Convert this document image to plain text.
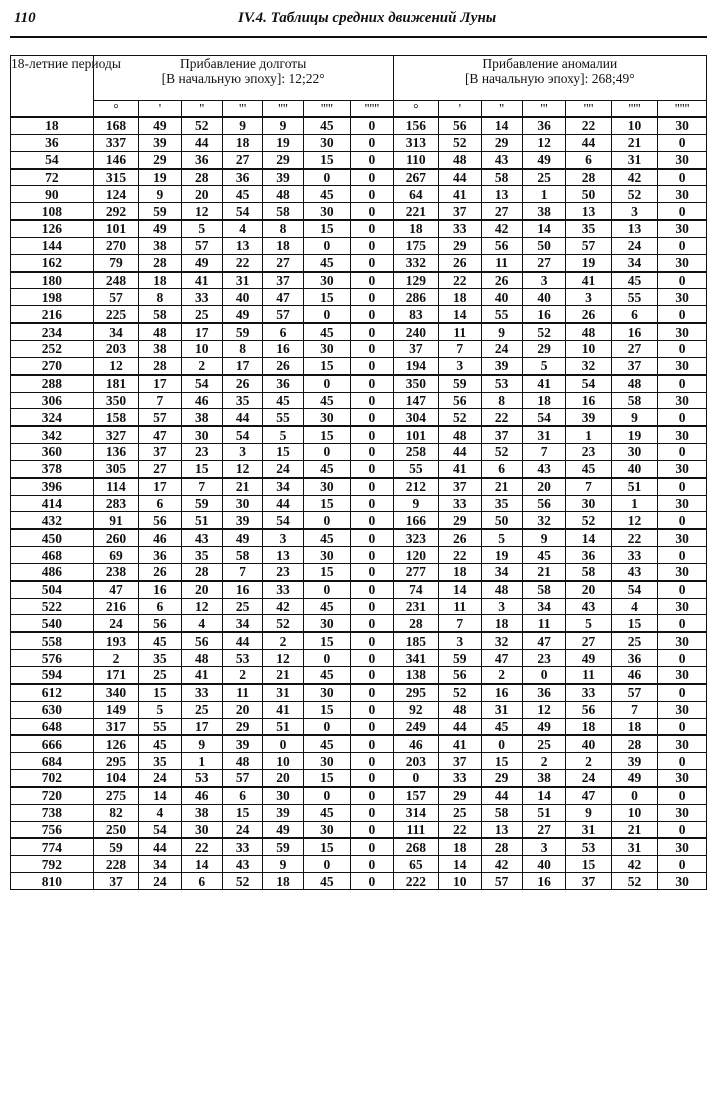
110	IV.4. Таблицы средних движений Луны
18-летние периоды	Прибавление долготы
[В начальную эпоху]: 12;22°							Прибавление аномалии
[В начальную эпоху]: 268;49°						

	°	'	''	'''	''''	'''''	''''''	°	'	''	'''	''''	'''''	''''''
18	168	49	52	9	9	45	0	156	56	14	36	22	10	30
36	337	39	44	18	19	30	0	313	52	29	12	44	21	0
54	146	29	36	27	29	15	0	110	48	43	49	6	31	30
72	315	19	28	36	39	0	0	267	44	58	25	28	42	0
90	124	9	20	45	48	45	0	64	41	13	1	50	52	30
108	292	59	12	54	58	30	0	221	37	27	38	13	3	0
126	101	49	5	4	8	15	0	18	33	42	14	35	13	30
144	270	38	57	13	18	0	0	175	29	56	50	57	24	0
162	79	28	49	22	27	45	0	332	26	11	27	19	34	30
180	248	18	41	31	37	30	0	129	22	26	3	41	45	0
198	57	8	33	40	47	15	0	286	18	40	40	3	55	30
216	225	58	25	49	57	0	0	83	14	55	16	26	6	0
234	34	48	17	59	6	45	0	240	11	9	52	48	16	30
252	203	38	10	8	16	30	0	37	7	24	29	10	27	0
270	12	28	2	17	26	15	0	194	3	39	5	32	37	30
288	181	17	54	26	36	0	0	350	59	53	41	54	48	0
306	350	7	46	35	45	45	0	147	56	8	18	16	58	30
324	158	57	38	44	55	30	0	304	52	22	54	39	9	0
342	327	47	30	54	5	15	0	101	48	37	31	1	19	30
360	136	37	23	3	15	0	0	258	44	52	7	23	30	0
378	305	27	15	12	24	45	0	55	41	6	43	45	40	30
396	114	17	7	21	34	30	0	212	37	21	20	7	51	0
414	283	6	59	30	44	15	0	9	33	35	56	30	1	30
432	91	56	51	39	54	0	0	166	29	50	32	52	12	0
450	260	46	43	49	3	45	0	323	26	5	9	14	22	30
468	69	36	35	58	13	30	0	120	22	19	45	36	33	0
486	238	26	28	7	23	15	0	277	18	34	21	58	43	30
504	47	16	20	16	33	0	0	74	14	48	58	20	54	0
522	216	6	12	25	42	45	0	231	11	3	34	43	4	30
540	24	56	4	34	52	30	0	28	7	18	11	5	15	0
558	193	45	56	44	2	15	0	185	3	32	47	27	25	30
576	2	35	48	53	12	0	0	341	59	47	23	49	36	0
594	171	25	41	2	21	45	0	138	56	2	0	11	46	30
612	340	15	33	11	31	30	0	295	52	16	36	33	57	0
630	149	5	25	20	41	15	0	92	48	31	12	56	7	30
648	317	55	17	29	51	0	0	249	44	45	49	18	18	0
666	126	45	9	39	0	45	0	46	41	0	25	40	28	30
684	295	35	1	48	10	30	0	203	37	15	2	2	39	0
702	104	24	53	57	20	15	0	0	33	29	38	24	49	30
720	275	14	46	6	30	0	0	157	29	44	14	47	0	0
738	82	4	38	15	39	45	0	314	25	58	51	9	10	30
756	250	54	30	24	49	30	0	111	22	13	27	31	21	0
774	59	44	22	33	59	15	0	268	18	28	3	53	31	30
792	228	34	14	43	9	0	0	65	14	42	40	15	42	0
810	37	24	6	52	18	45	0	222	10	57	16	37	52	30
